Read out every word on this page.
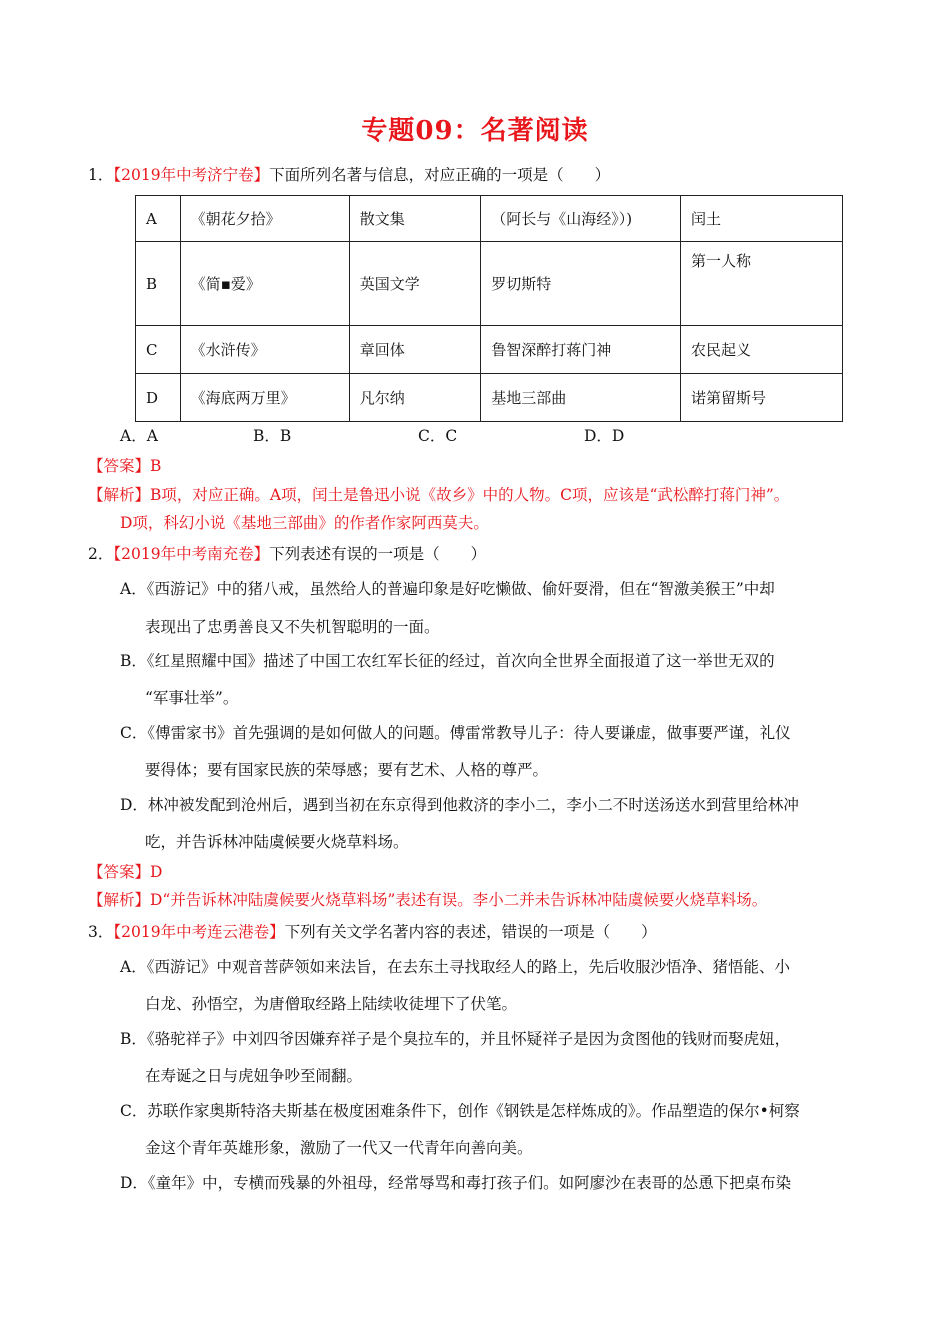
专题09：名著阅读
1．【2019年中考济宁卷】下面所列名著与信息，对应正确的一项是（　　）
A	《朝花夕拾》	散文集	（阿长与《山海经》）)	闰土
B	《简▪爱》	英国文学	罗切斯特	第一人称
C	《水浒传》	章回体	鲁智深醉打蒋门神	农民起义
D	《海底两万里》	凡尔纳	基地三部曲	诺第留斯号
A．A	B．B	C．C	D．D
【答案】B
【解析】B项，对应正确。A项，闰土是鲁迅小说《故乡》中的人物。C项，应该是“武松醉打蒋门神”。
D项，科幻小说《基地三部曲》的作者作家阿西莫夫。
2．【2019年中考南充卷】下列表述有误的一项是（　　）
A．《西游记》中的猪八戒，虽然给人的普遍印象是好吃懒做、偷奸耍滑，但在“智激美猴王”中却
表现出了忠勇善良又不失机智聪明的一面。
B．《红星照耀中国》描述了中国工农红军长征的经过，首次向全世界全面报道了这一举世无双的
“军事壮举”。
C．《傅雷家书》首先强调的是如何做人的问题。傅雷常教导儿子：待人要谦虚，做事要严谨，礼仪
要得体；要有国家民族的荣辱感；要有艺术、人格的尊严。
D．林冲被发配到沧州后，遇到当初在东京得到他救济的李小二，李小二不时送汤送水到营里给林冲
吃，并告诉林冲陆虞候要火烧草料场。
【答案】D
【解析】D“并告诉林冲陆虞候要火烧草料场”表述有误。李小二并未告诉林冲陆虞候要火烧草料场。
3．【2019年中考连云港卷】下列有关文学名著内容的表述，错误的一项是（　　）
A．《西游记》中观音菩萨领如来法旨，在去东土寻找取经人的路上，先后收服沙悟净、猪悟能、小
白龙、孙悟空，为唐僧取经路上陆续收徒埋下了伏笔。
B．《骆驼祥子》中刘四爷因嫌弃祥子是个臭拉车的，并且怀疑祥子是因为贪图他的钱财而娶虎妞，
在寿诞之日与虎妞争吵至闹翻。
C．苏联作家奥斯特洛夫斯基在极度困难条件下，创作《钢铁是怎样炼成的》。作品塑造的保尔•柯察
金这个青年英雄形象，激励了一代又一代青年向善向美。
D．《童年》中，专横而残暴的外祖母，经常辱骂和毒打孩子们。如阿廖沙在表哥的怂恿下把桌布染
